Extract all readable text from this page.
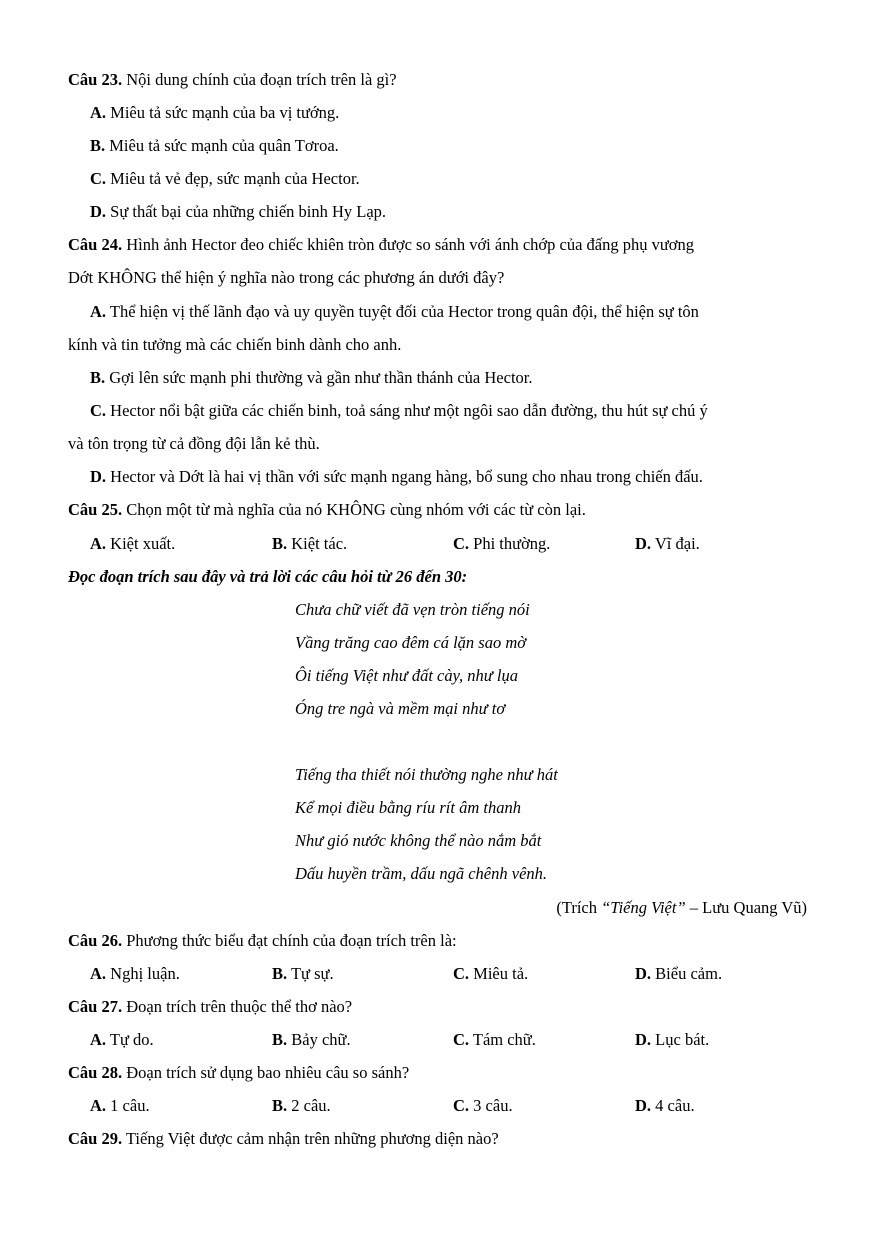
Câu 23. Nội dung chính của đoạn trích trên là gì?
A. Miêu tả sức mạnh của ba vị tướng.
B. Miêu tả sức mạnh của quân Tơroa.
C. Miêu tả vẻ đẹp, sức mạnh của Hector.
D. Sự thất bại của những chiến binh Hy Lạp.
Câu 24. Hình ảnh Hector đeo chiếc khiên tròn được so sánh với ánh chớp của đấng phụ vương
Dớt KHÔNG thể hiện ý nghĩa nào trong các phương án dưới đây?
A. Thể hiện vị thế lãnh đạo và uy quyền tuyệt đối của Hector trong quân đội, thể hiện sự tôn
kính và tin tưởng mà các chiến binh dành cho anh.
B. Gợi lên sức mạnh phi thường và gần như thần thánh của Hector.
C. Hector nổi bật giữa các chiến binh, toả sáng như một ngôi sao dẫn đường, thu hút sự chú ý
và tôn trọng từ cả đồng đội lẫn kẻ thù.
D. Hector và Dớt là hai vị thần với sức mạnh ngang hàng, bổ sung cho nhau trong chiến đấu.
Câu 25. Chọn một từ mà nghĩa của nó KHÔNG cùng nhóm với các từ còn lại.
A. Kiệt xuất.	B. Kiệt tác.	C. Phi thường.	D. Vĩ đại.
Đọc đoạn trích sau đây và trả lời các câu hỏi từ 26 đến 30:
Chưa chữ viết đã vẹn tròn tiếng nói
Vầng trăng cao đêm cá lặn sao mờ
Ôi tiếng Việt như đất cày, như lụa
Óng tre ngà và mềm mại như tơ
Tiếng tha thiết nói thường nghe như hát
Kể mọi điều bằng ríu rít âm thanh
Như gió nước không thể nào nắm bắt
Dấu huyền trầm, dấu ngã chênh vênh.
(Trích “Tiếng Việt” – Lưu Quang Vũ)
Câu 26. Phương thức biểu đạt chính của đoạn trích trên là:
A. Nghị luận.	B. Tự sự.	C. Miêu tả.	D. Biểu cảm.
Câu 27. Đoạn trích trên thuộc thể thơ nào?
A. Tự do.	B. Bảy chữ.	C. Tám chữ.	D. Lục bát.
Câu 28. Đoạn trích sử dụng bao nhiêu câu so sánh?
A. 1 câu.	B. 2 câu.	C. 3 câu.	D. 4 câu.
Câu 29. Tiếng Việt được cảm nhận trên những phương diện nào?
